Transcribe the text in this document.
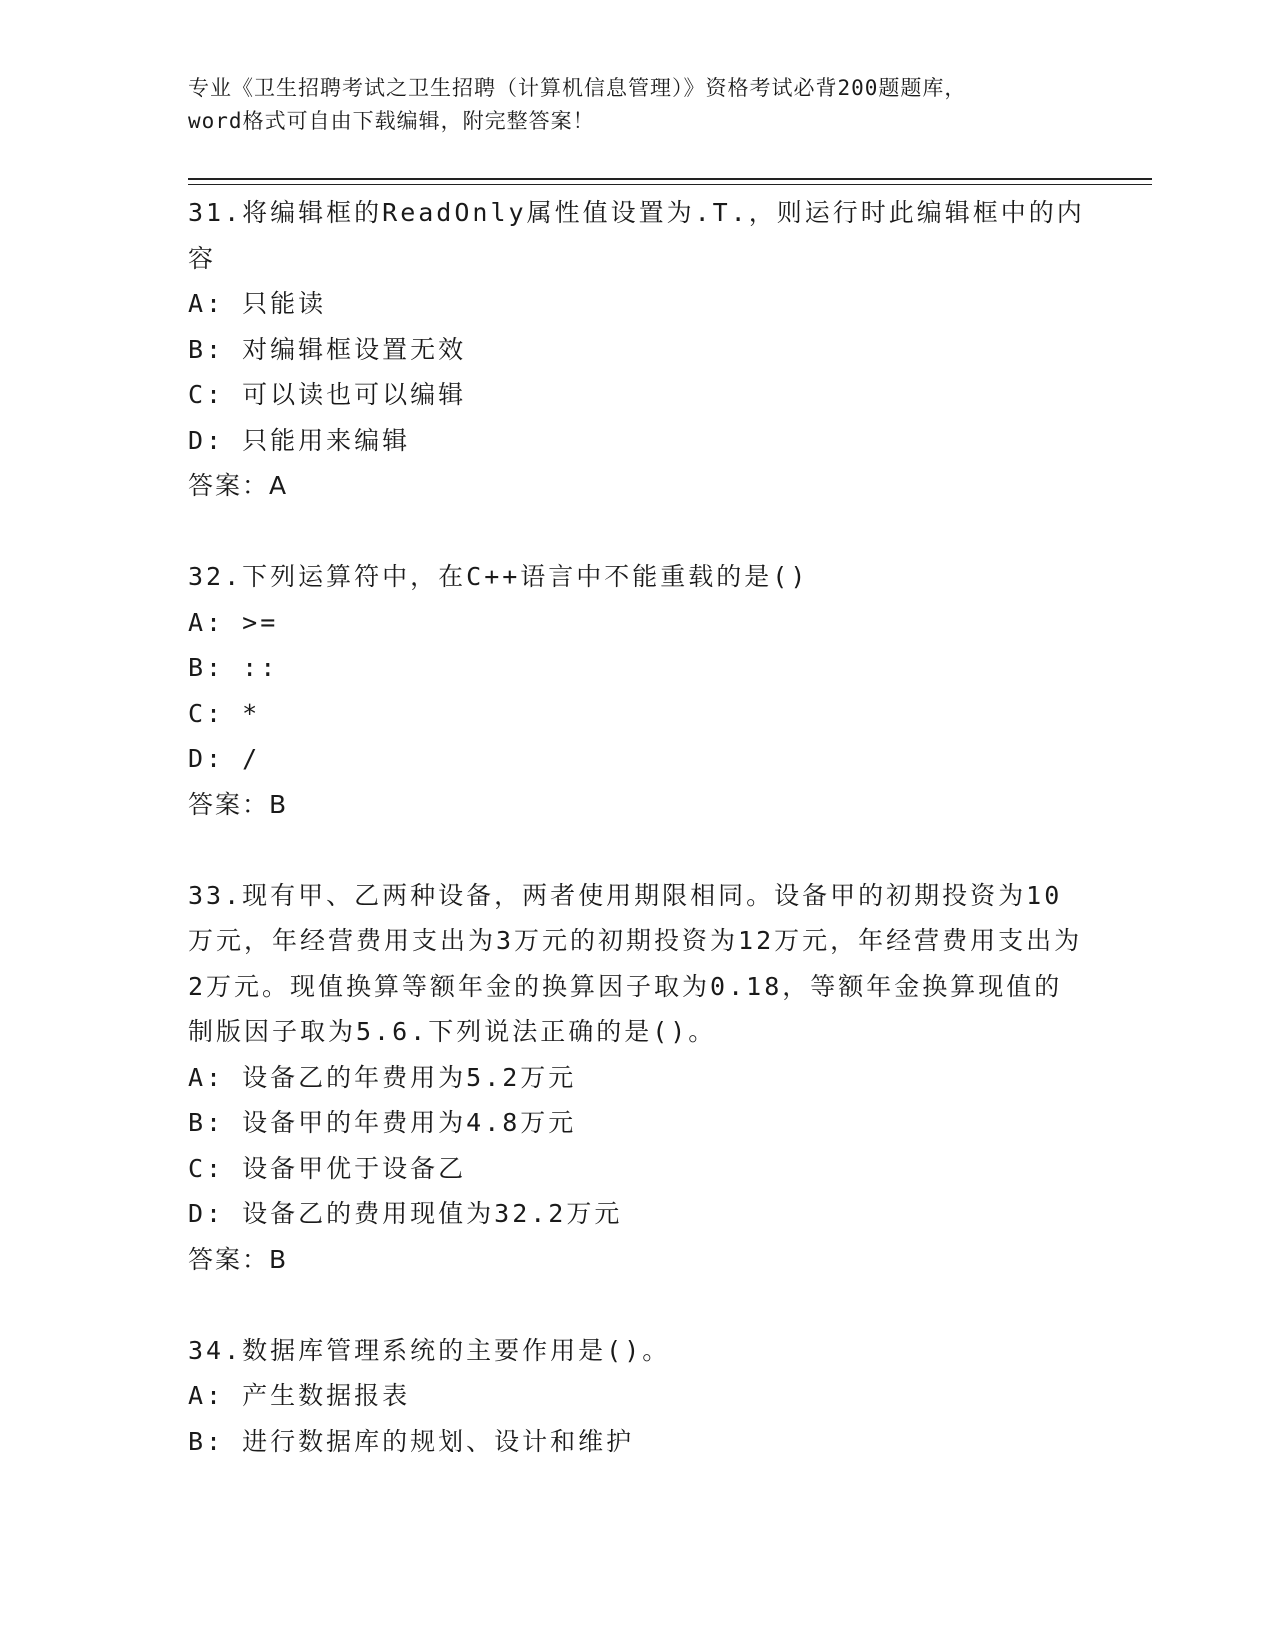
专业《卫生招聘考试之卫生招聘（计算机信息管理）》资格考试必背200题题库，
word格式可自由下载编辑，附完整答案！
31.将编辑框的ReadOnly属性值设置为.T.，则运行时此编辑框中的内容
A: 只能读
B: 对编辑框设置无效
C: 可以读也可以编辑
D: 只能用来编辑
答案：A
32.下列运算符中，在C++语言中不能重载的是()
A: >=
B: ::
C: *
D: /
答案：B
33.现有甲、乙两种设备，两者使用期限相同。设备甲的初期投资为10万元，年经营费用支出为3万元的初期投资为12万元，年经营费用支出为2万元。现值换算等额年金的换算因子取为0.18，等额年金换算现值的制版因子取为5.6.下列说法正确的是()。
A: 设备乙的年费用为5.2万元
B: 设备甲的年费用为4.8万元
C: 设备甲优于设备乙
D: 设备乙的费用现值为32.2万元
答案：B
34.数据库管理系统的主要作用是()。
A: 产生数据报表
B: 进行数据库的规划、设计和维护
